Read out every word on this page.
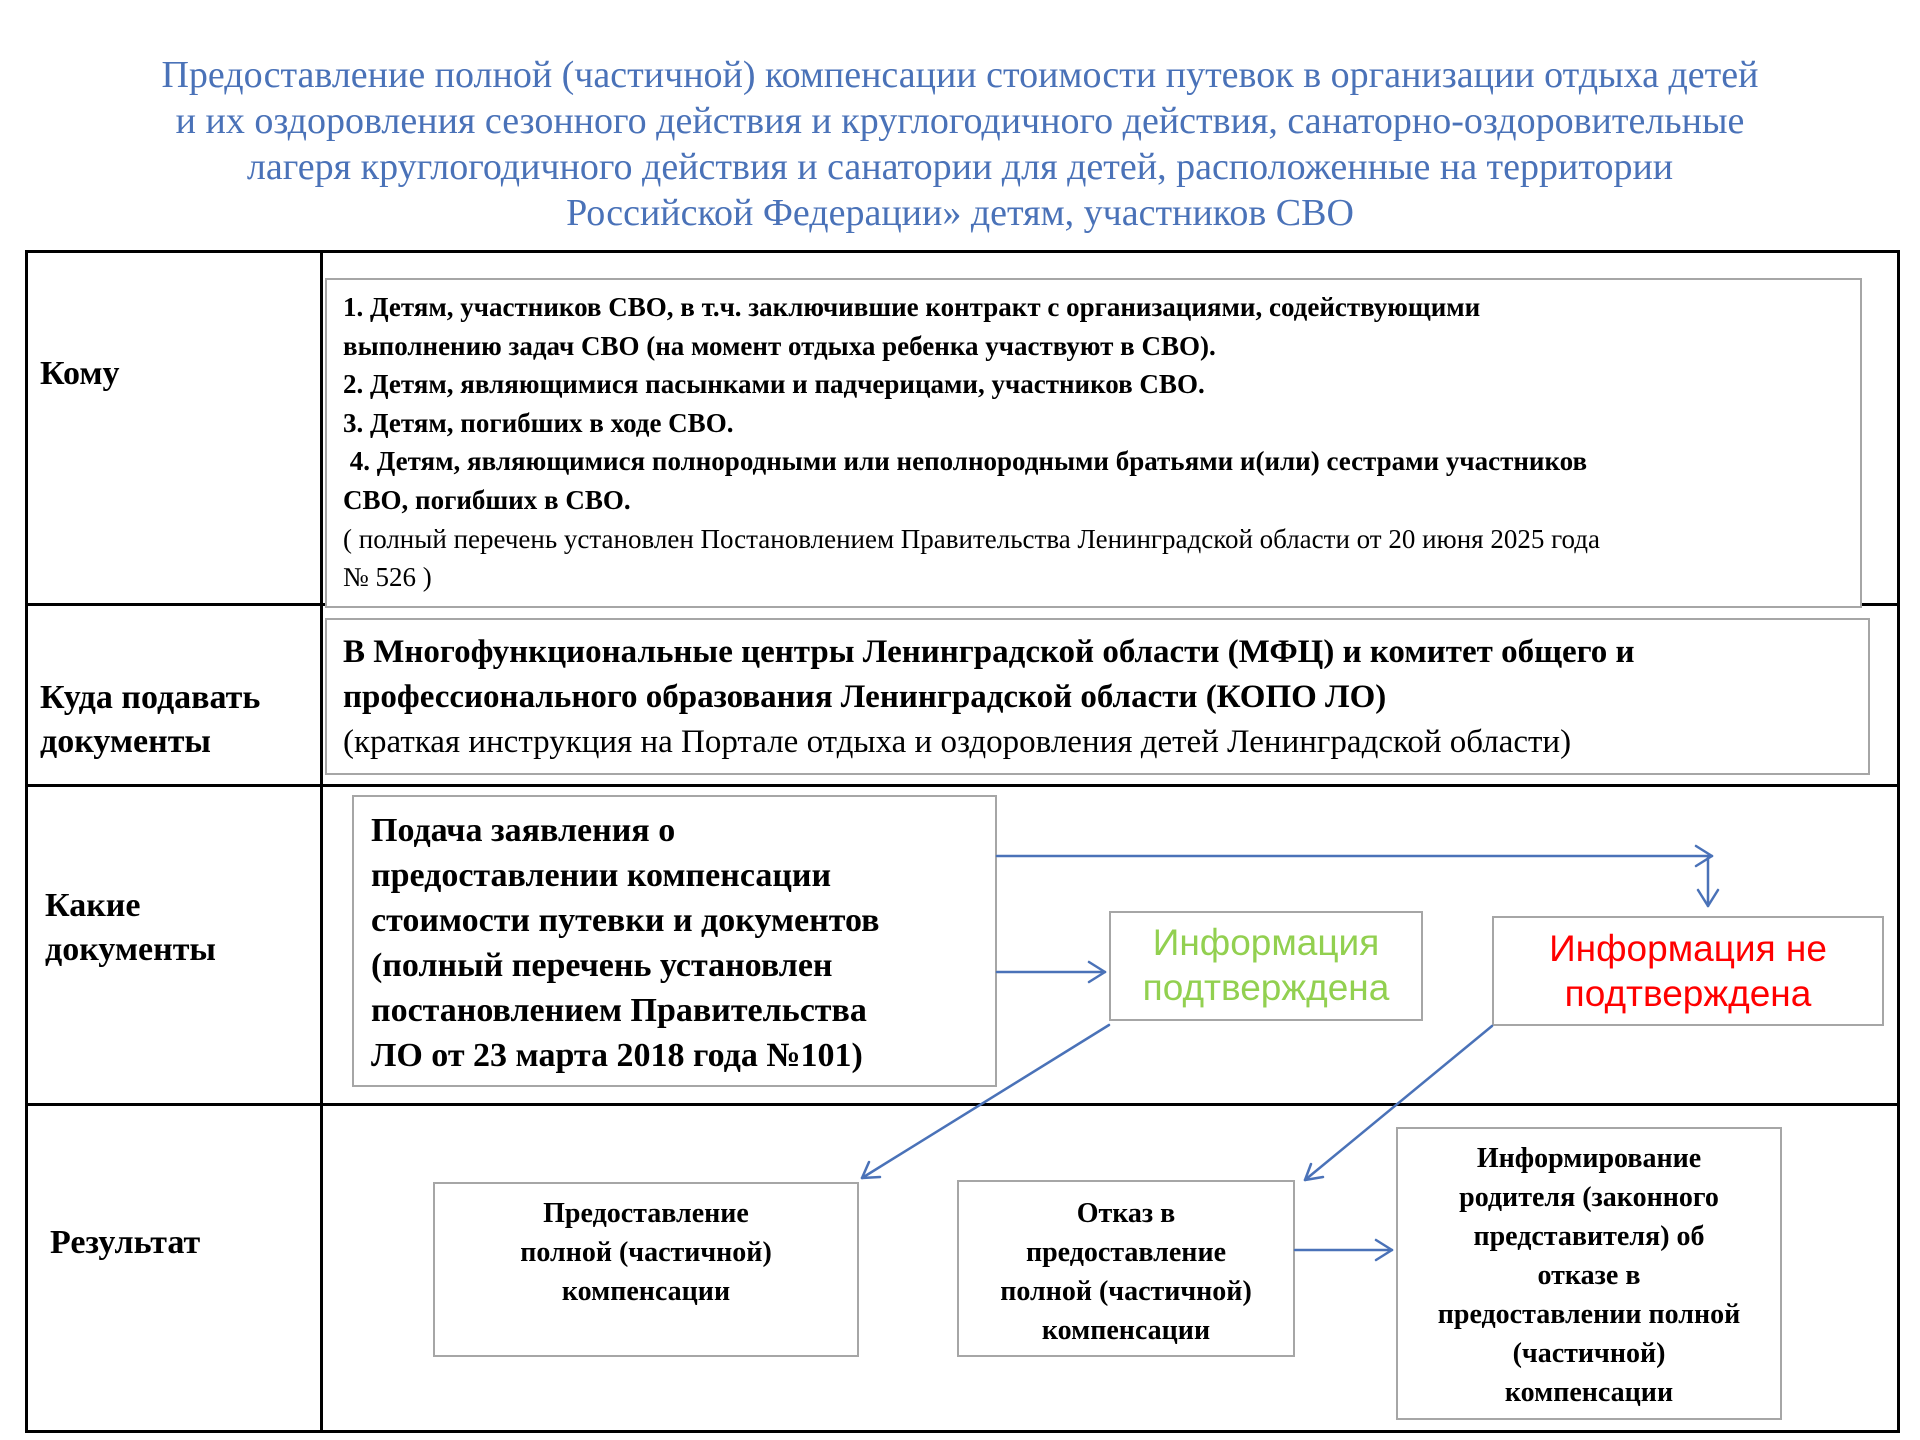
Предоставление полной (частичной) компенсации стоимости путевок в организации отдыха детей
и их оздоровления сезонного действия и круглогодичного действия, санаторно-оздоровительные
лагеря круглогодичного действия и санатории для детей, расположенные на территории
Российской Федерации» детям, участников СВО
Кому
Куда подавать
документы
Какие
документы
Результат
1. Детям, участников СВО, в т.ч. заключившие контракт с организациями, содействующими
выполнению задач СВО (на момент отдыха ребенка участвуют в СВО).
2. Детям, являющимися пасынками и падчерицами, участников СВО.
3. Детям, погибших в ходе СВО.
4. Детям, являющимися полнородными или неполнородными братьями и(или) сестрами участников
СВО, погибших в СВО.
( полный перечень установлен Постановлением Правительства Ленинградской области от 20 июня 2025 года
№ 526 )
В Многофункциональные центры Ленинградской области (МФЦ) и комитет общего и
профессионального образования Ленинградской области (КОПО ЛО)
(краткая инструкция на Портале отдыха и оздоровления детей Ленинградской области)
Подача заявления о
предоставлении компенсации
стоимости путевки и документов
(полный перечень установлен
постановлением Правительства
ЛО от 23 марта 2018 года №101)
Информация
подтверждена
Информация не
подтверждена
Предоставление
полной (частичной)
компенсации
Отказ в
предоставление
полной (частичной)
компенсации
Информирование
родителя (законного
представителя) об
отказе в
предоставлении полной
(частичной)
компенсации
